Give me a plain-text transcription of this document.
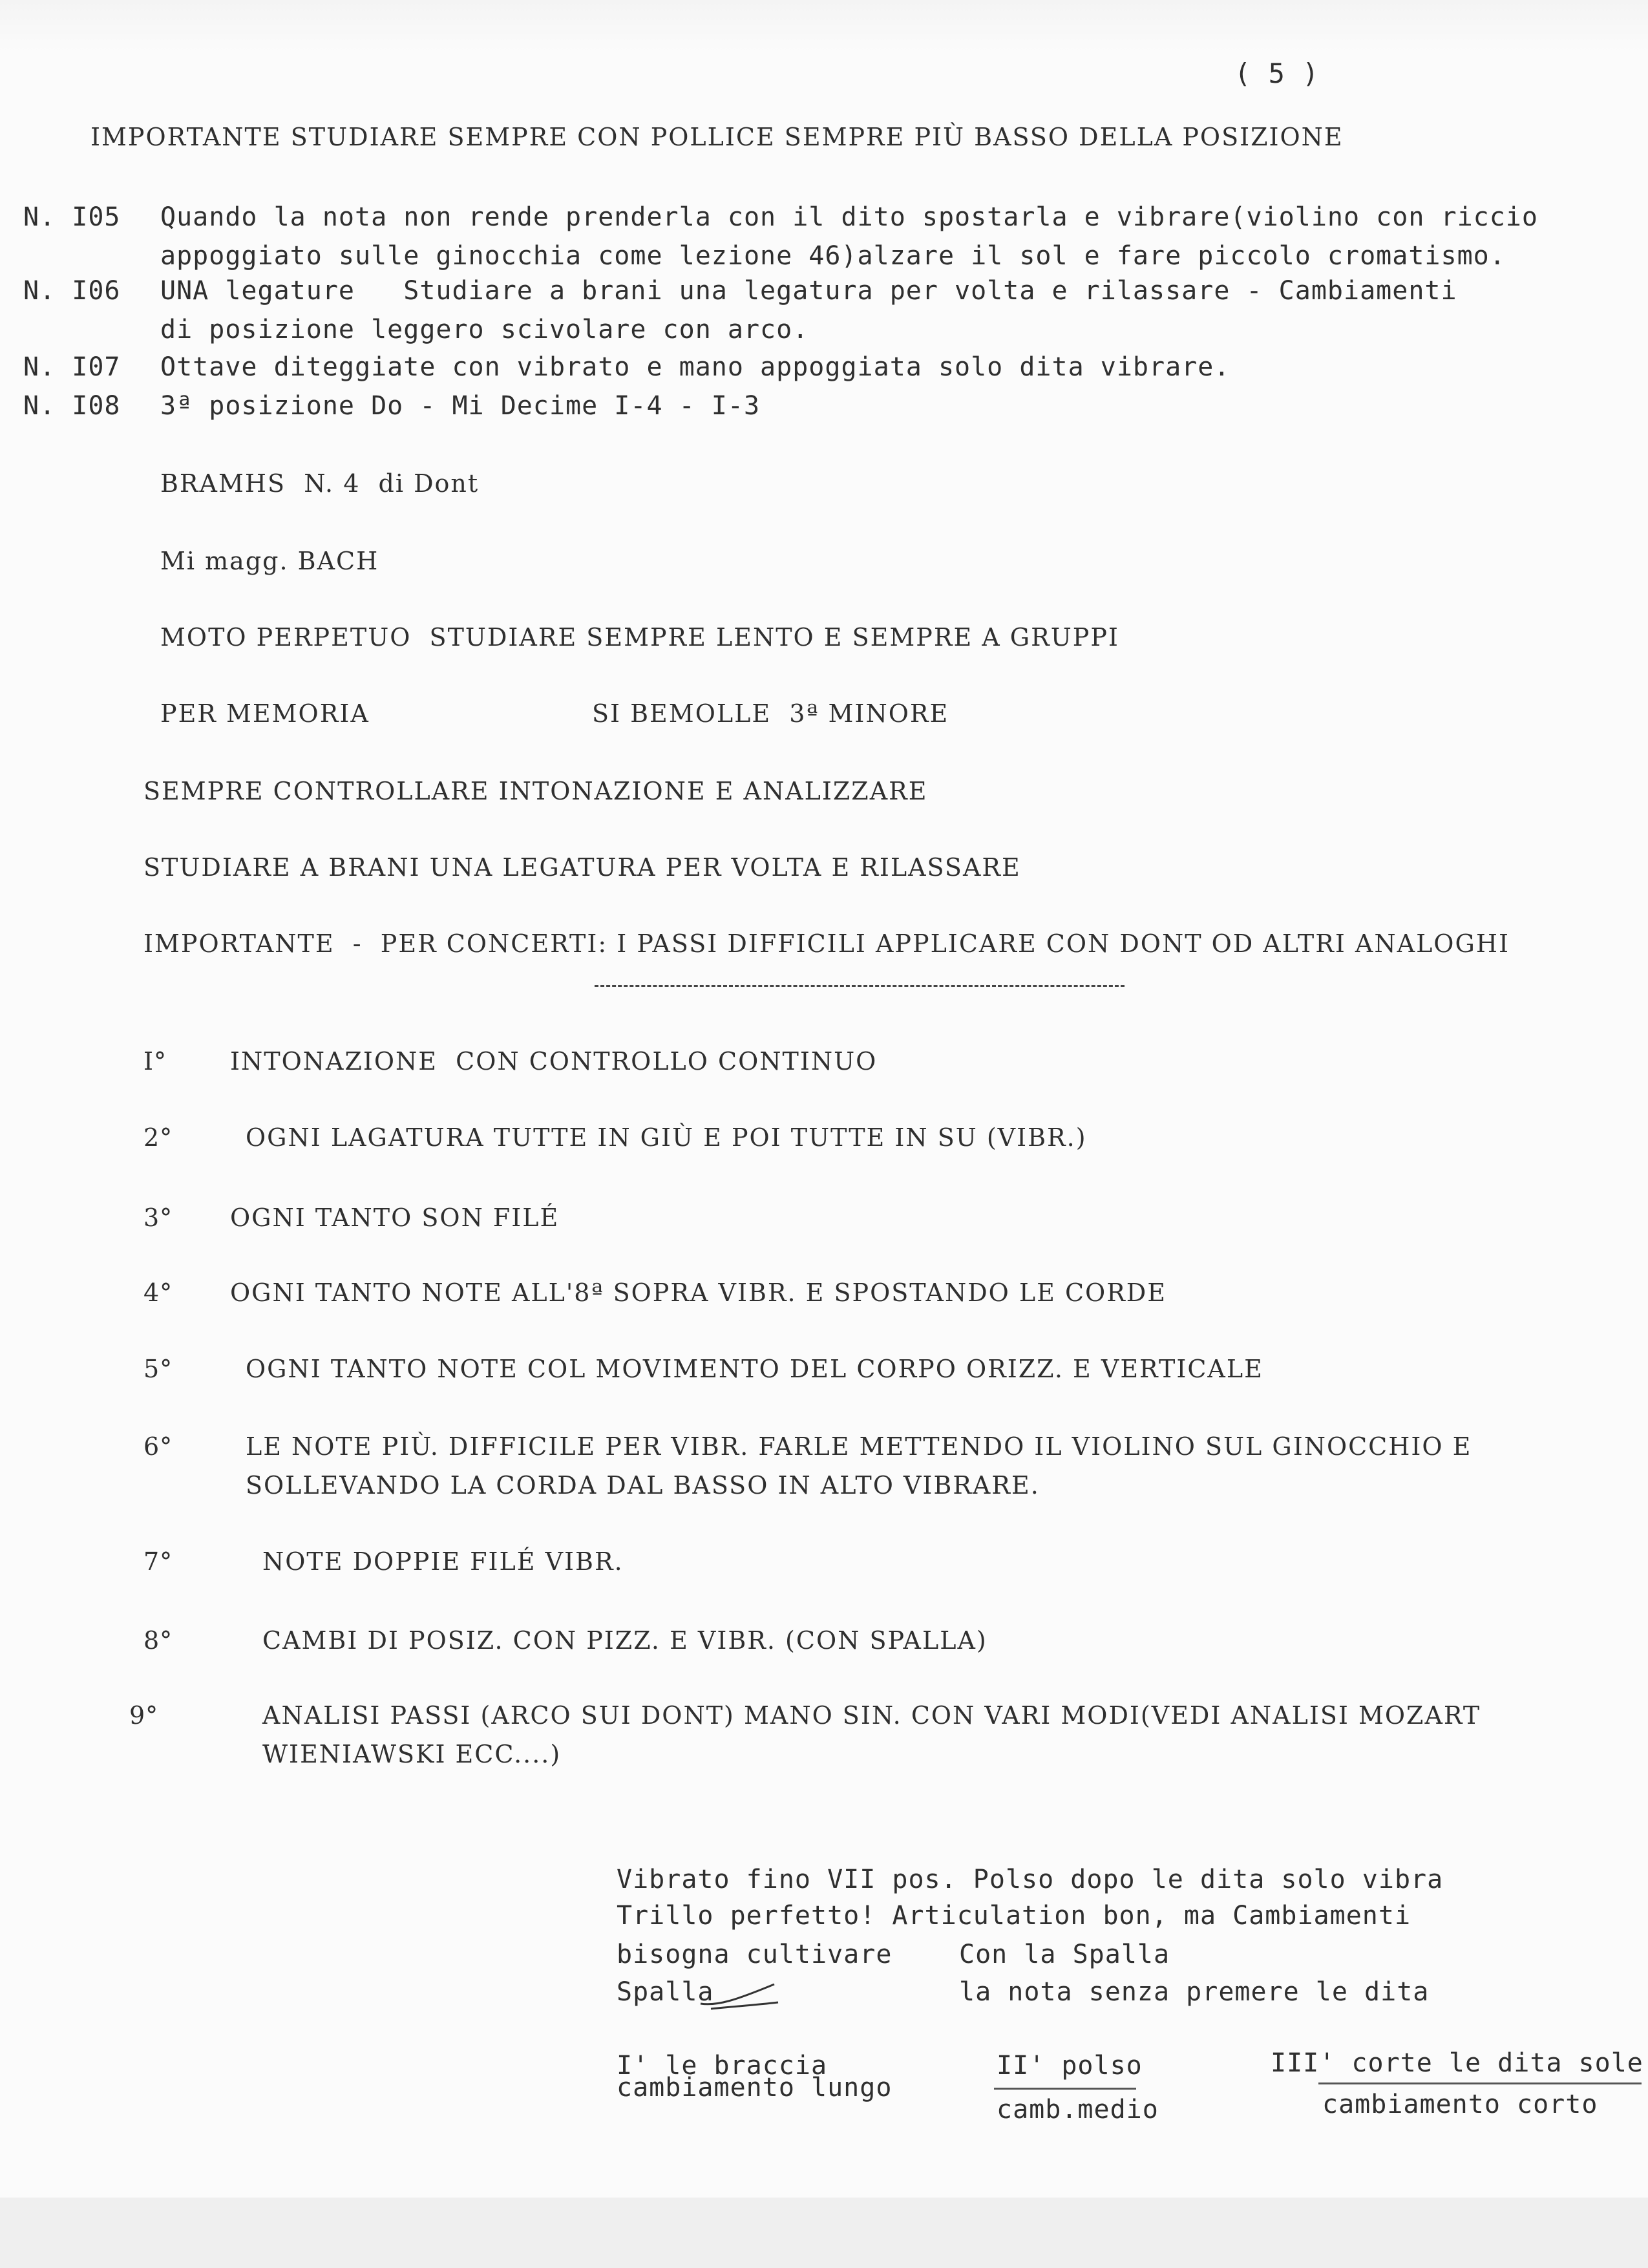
( 5 )
IMPORTANTE STUDIARE SEMPRE CON POLLICE SEMPRE PIÙ BASSO DELLA POSIZIONE
N. I05 Quando la nota non rende prenderla con il dito spostarla e vibrare(violino con riccio
appoggiato sulle ginocchia come lezione 46)alzare il sol e fare piccolo cromatismo.
N. I06 UNA legature   Studiare a brani una legatura per volta e rilassare - Cambiamenti
di posizione leggero scivolare con arco.
N. I07 Ottave diteggiate con vibrato e mano appoggiata solo dita vibrare.
N. I08 3ª posizione Do - Mi Decime I-4 - I-3
BRAMHS  N. 4  di Dont
Mi magg. BACH
MOTO PERPETUO  STUDIARE SEMPRE LENTO E SEMPRE A GRUPPI
PER MEMORIA	SI BEMOLLE  3ª MINORE
SEMPRE CONTROLLARE INTONAZIONE E ANALIZZARE
STUDIARE A BRANI UNA LEGATURA PER VOLTA E RILASSARE
IMPORTANTE  -  PER CONCERTI: I PASSI DIFFICILI APPLICARE CON DONT OD ALTRI ANALOGHI
I°	INTONAZIONE  CON CONTROLLO CONTINUO
2°	OGNI LAGATURA TUTTE IN GIÙ E POI TUTTE IN SU (VIBR.)
3° OGNI TANTO SON FILÉ
4° OGNI TANTO NOTE ALL'8ª SOPRA VIBR. E SPOSTANDO LE CORDE
5°	OGNI TANTO NOTE COL MOVIMENTO DEL CORPO ORIZZ. E VERTICALE
6°	LE NOTE PIÙ. DIFFICILE PER VIBR. FARLE METTENDO IL VIOLINO SUL GINOCCHIO E
SOLLEVANDO LA CORDA DAL BASSO IN ALTO VIBRARE.
7°	NOTE DOPPIE FILÉ VIBR.
8°	CAMBI DI POSIZ. CON PIZZ. E VIBR. (CON SPALLA)
9°	ANALISI PASSI (ARCO SUI DONT) MANO SIN. CON VARI MODI(VEDI ANALISI MOZART
WIENIAWSKI ECC....)
Vibrato fino VII pos. Polso dopo le dita solo vibra
Trillo perfetto! Articulation bon, ma Cambiamenti
bisogna cultivare	Con la Spalla
Spalla	la nota senza premere le dita
I' le braccia
cambiamento lungo
II' polso
camb.medio
III' corte le dita sole
cambiamento corto
